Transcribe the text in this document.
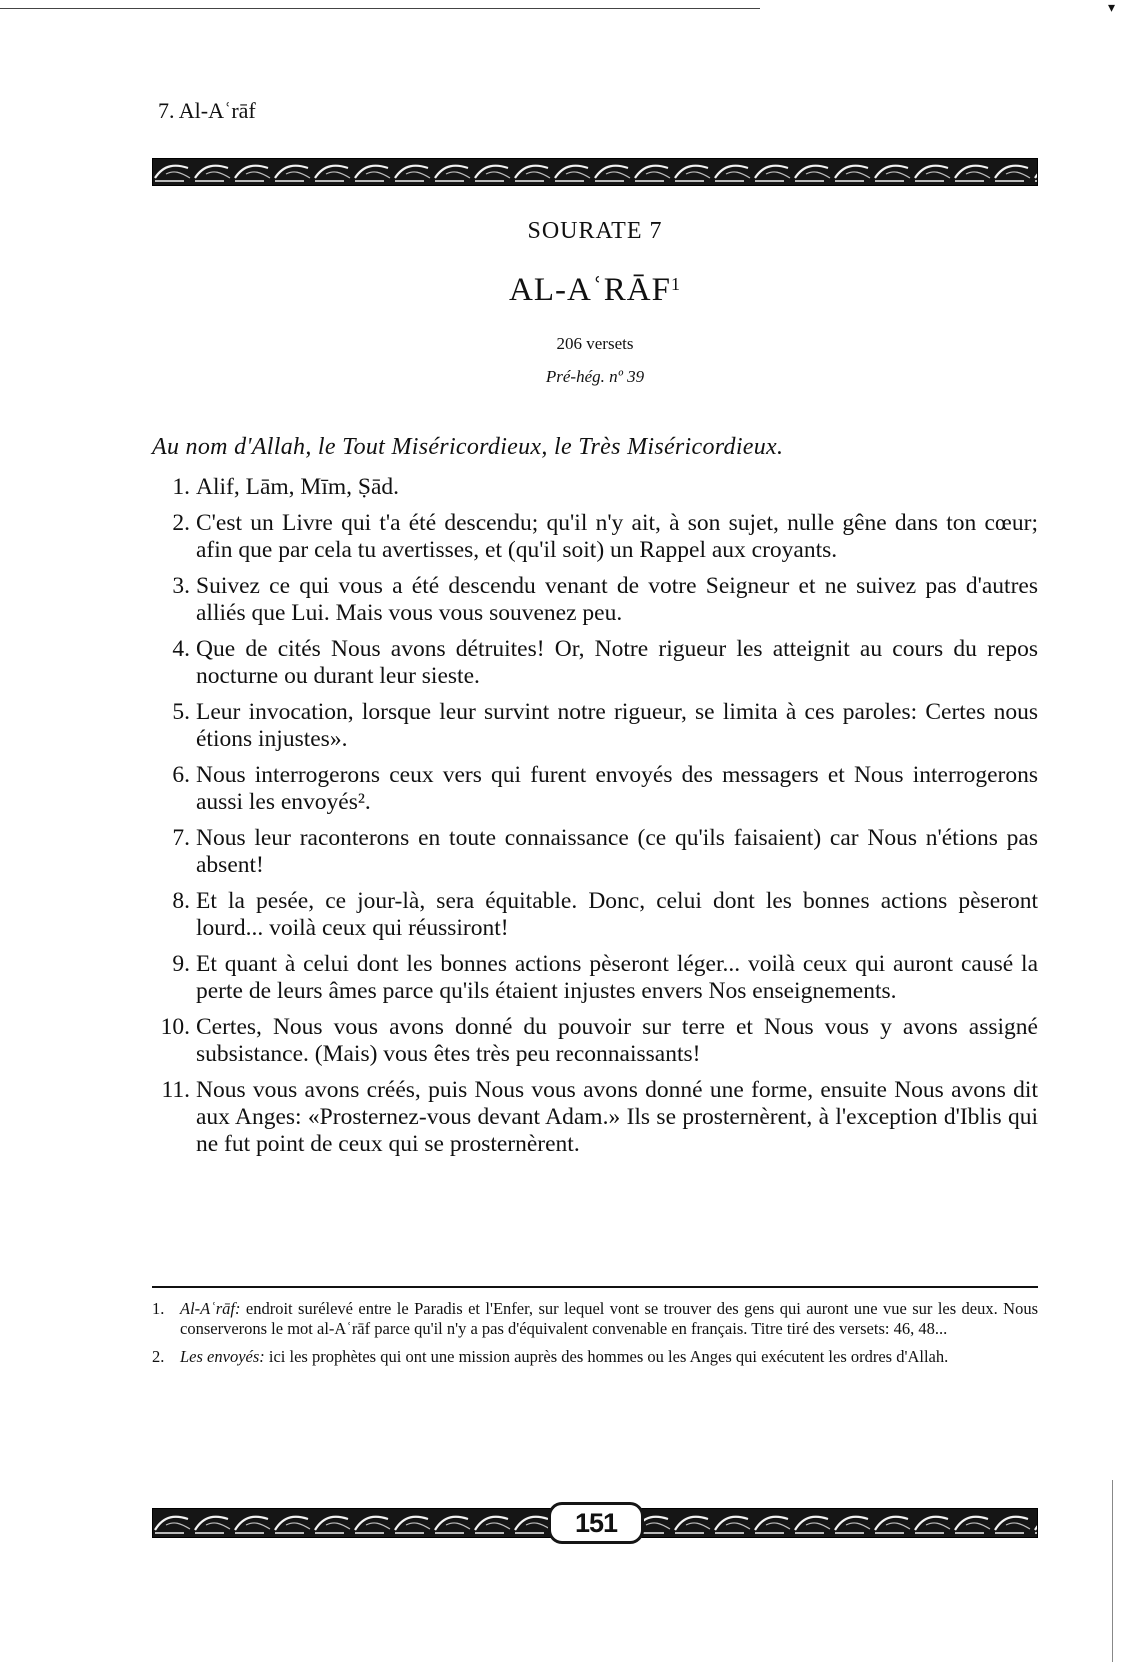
▾
7. Al-Aʿrāf
SOURATE 7
AL-AʿRĀF$^1$
206 versets
Pré-hég. nº 39
Au nom d'Allah, le Tout Miséricordieux, le Très Miséricordieux.
1. Alif, Lām, Mīm, Ṣād.
2. C'est un Livre qui t'a été descendu; qu'il n'y ait, à son sujet, nulle gêne dans ton cœur; afin que par cela tu avertisses, et (qu'il soit) un Rappel aux croyants.
3. Suivez ce qui vous a été descendu venant de votre Seigneur et ne suivez pas d'autres alliés que Lui. Mais vous vous souvenez peu.
4. Que de cités Nous avons détruites! Or, Notre rigueur les atteignit au cours du repos nocturne ou durant leur sieste.
5. Leur invocation, lorsque leur survint notre rigueur, se limita à ces paroles: Certes nous étions injustes».
6. Nous interrogerons ceux vers qui furent envoyés des messagers et Nous interrogerons aussi les envoyés².
7. Nous leur raconterons en toute connaissance (ce qu'ils faisaient) car Nous n'étions pas absent!
8. Et la pesée, ce jour-là, sera équitable. Donc, celui dont les bonnes actions pèseront lourd... voilà ceux qui réussiront!
9. Et quant à celui dont les bonnes actions pèseront léger... voilà ceux qui auront causé la perte de leurs âmes parce qu'ils étaient injustes envers Nos enseignements.
10. Certes, Nous vous avons donné du pouvoir sur terre et Nous vous y avons assigné subsistance. (Mais) vous êtes très peu reconnaissants!
11. Nous vous avons créés, puis Nous vous avons donné une forme, ensuite Nous avons dit aux Anges: «Prosternez-vous devant Adam.» Ils se prosternèrent, à l'exception d'Iblis qui ne fut point de ceux qui se prosternèrent.
1. Al-Aʿrāf: endroit surélevé entre le Paradis et l'Enfer, sur lequel vont se trouver des gens qui auront une vue sur les deux. Nous conserverons le mot al-Aʿrāf parce qu'il n'y a pas d'équivalent convenable en français. Titre tiré des versets: 46, 48...
2. Les envoyés: ici les prophètes qui ont une mission auprès des hommes ou les Anges qui exécutent les ordres d'Allah.
151
